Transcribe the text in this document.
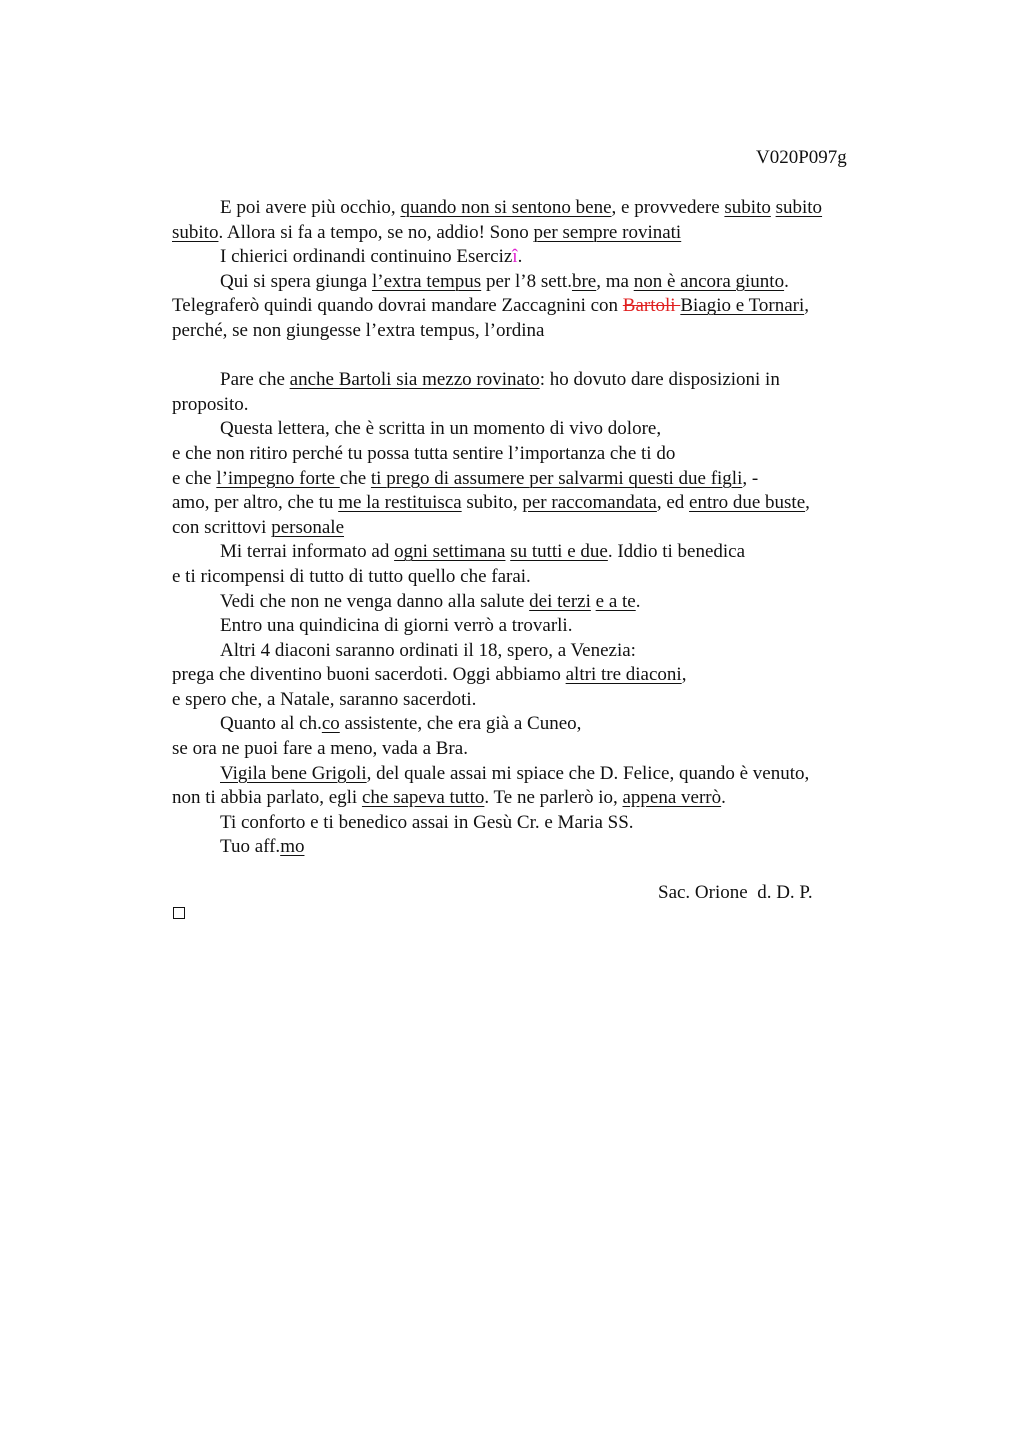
V020P097g
E poi avere più occhio, quando non si sentono bene, e provvedere subito subito
subito. Allora si fa a tempo, se no, addio! Sono per sempre rovinati
I chierici ordinandi continuino Esercizî.
Qui si spera giunga l’extra tempus per l’8 sett.bre, ma non è ancora giunto.
Telegraferò quindi quando dovrai mandare Zaccagnini con Bartoli Biagio e Tornari,
perché, se non giungesse l’extra tempus, l’ordina
Pare che anche Bartoli sia mezzo rovinato: ho dovuto dare disposizioni in
proposito.
Questa lettera, che è scritta in un momento di vivo dolore,
e che non ritiro perché tu possa tutta sentire l’importanza che ti do
e che l’impegno forte che ti prego di assumere per salvarmi questi due figli, -
amo, per altro, che tu me la restituisca subito, per raccomandata, ed entro due buste,
con scrittovi personale
Mi terrai informato ad ogni settimana su tutti e due. Iddio ti benedica
e ti ricompensi di tutto di tutto quello che farai.
Vedi che non ne venga danno alla salute dei terzi e a te.
Entro una quindicina di giorni verrò a trovarli.
Altri 4 diaconi saranno ordinati il 18, spero, a Venezia:
prega che diventino buoni sacerdoti. Oggi abbiamo altri tre diaconi,
e spero che, a Natale, saranno sacerdoti.
Quanto al ch.co assistente, che era già a Cuneo,
se ora ne puoi fare a meno, vada a Bra.
Vigila bene Grigoli, del quale assai mi spiace che D. Felice, quando è venuto,
non ti abbia parlato, egli che sapeva tutto. Te ne parlerò io, appena verrò.
Ti conforto e ti benedico assai in Gesù Cr. e Maria SS.
Tuo aff.mo
Sac. Orione  d. D. P.
